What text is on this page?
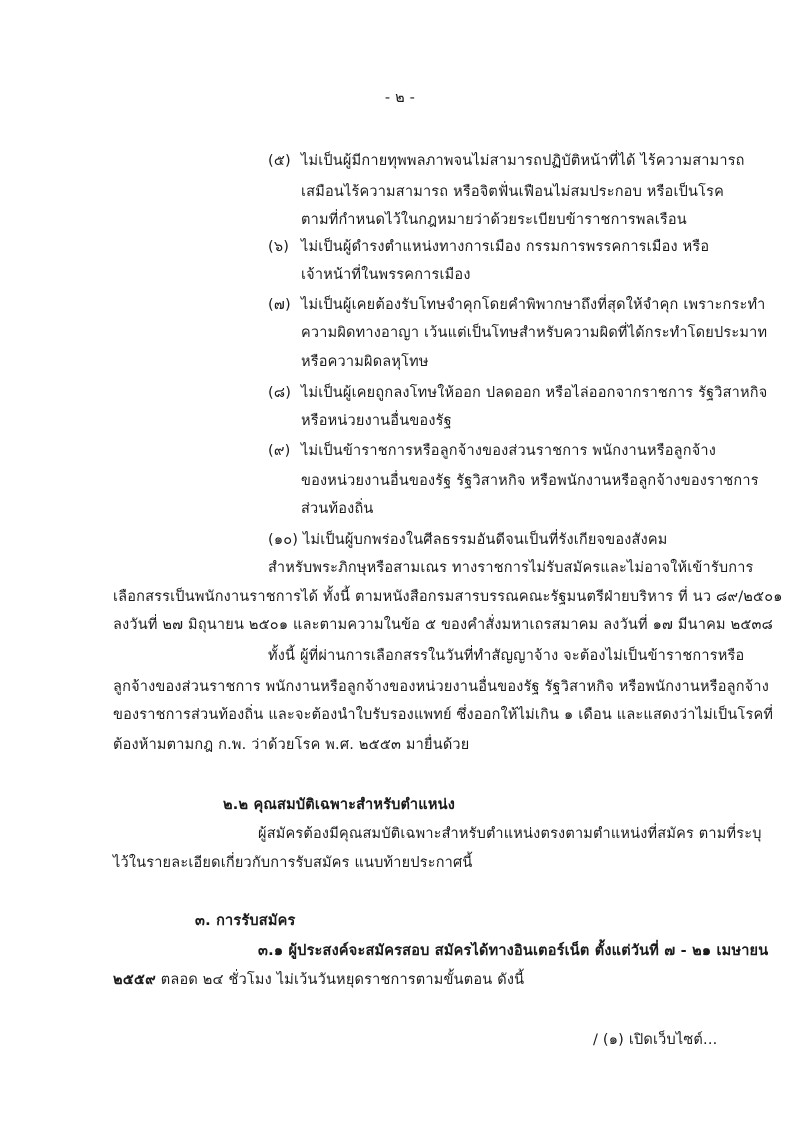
- ๒ -
(๕) ไม่เป็นผู้มีกายทุพพลภาพจนไม่สามารถปฏิบัติหน้าที่ได้ ไร้ความสามารถ
เสมือนไร้ความสามารถ หรือจิตฟั่นเฟือนไม่สมประกอบ หรือเป็นโรค
ตามที่กำหนดไว้ในกฎหมายว่าด้วยระเบียบข้าราชการพลเรือน
(๖) ไม่เป็นผู้ดำรงตำแหน่งทางการเมือง กรรมการพรรคการเมือง หรือ
เจ้าหน้าที่ในพรรคการเมือง
(๗) ไม่เป็นผู้เคยต้องรับโทษจำคุกโดยคำพิพากษาถึงที่สุดให้จำคุก เพราะกระทำ
ความผิดทางอาญา เว้นแต่เป็นโทษสำหรับความผิดที่ได้กระทำโดยประมาท
หรือความผิดลหุโทษ
(๘) ไม่เป็นผู้เคยถูกลงโทษให้ออก ปลดออก หรือไล่ออกจากราชการ รัฐวิสาหกิจ
หรือหน่วยงานอื่นของรัฐ
(๙) ไม่เป็นข้าราชการหรือลูกจ้างของส่วนราชการ พนักงานหรือลูกจ้าง
ของหน่วยงานอื่นของรัฐ รัฐวิสาหกิจ หรือพนักงานหรือลูกจ้างของราชการ
ส่วนท้องถิ่น
(๑๐) ไม่เป็นผู้บกพร่องในศีลธรรมอันดีจนเป็นที่รังเกียจของสังคม
สำหรับพระภิกษุหรือสามเณร ทางราชการไม่รับสมัครและไม่อาจให้เข้ารับการ
เลือกสรรเป็นพนักงานราชการได้ ทั้งนี้ ตามหนังสือกรมสารบรรณคณะรัฐมนตรีฝ่ายบริหาร ที่ นว ๘๙/๒๕๐๑
ลงวันที่ ๒๗ มิถุนายน ๒๕๐๑ และตามความในข้อ ๕ ของคำสั่งมหาเถรสมาคม ลงวันที่ ๑๗ มีนาคม ๒๕๓๘
ทั้งนี้ ผู้ที่ผ่านการเลือกสรรในวันที่ทำสัญญาจ้าง จะต้องไม่เป็นข้าราชการหรือ
ลูกจ้างของส่วนราชการ พนักงานหรือลูกจ้างของหน่วยงานอื่นของรัฐ รัฐวิสาหกิจ หรือพนักงานหรือลูกจ้าง
ของราชการส่วนท้องถิ่น และจะต้องนำใบรับรองแพทย์ ซึ่งออกให้ไม่เกิน ๑ เดือน และแสดงว่าไม่เป็นโรคที่
ต้องห้ามตามกฎ ก.พ. ว่าด้วยโรค พ.ศ. ๒๕๕๓ มายื่นด้วย
๒.๒ คุณสมบัติเฉพาะสำหรับตำแหน่ง
ผู้สมัครต้องมีคุณสมบัติเฉพาะสำหรับตำแหน่งตรงตามตำแหน่งที่สมัคร ตามที่ระบุ
ไว้ในรายละเอียดเกี่ยวกับการรับสมัคร แนบท้ายประกาศนี้
๓. การรับสมัคร
๓.๑ ผู้ประสงค์จะสมัครสอบ สมัครได้ทางอินเตอร์เน็ต ตั้งแต่วันที่ ๗ - ๒๑ เมษายน
๒๕๕๙ ตลอด ๒๔ ชั่วโมง ไม่เว้นวันหยุดราชการตามขั้นตอน ดังนี้
/ (๑) เปิดเว็บไซต์...
